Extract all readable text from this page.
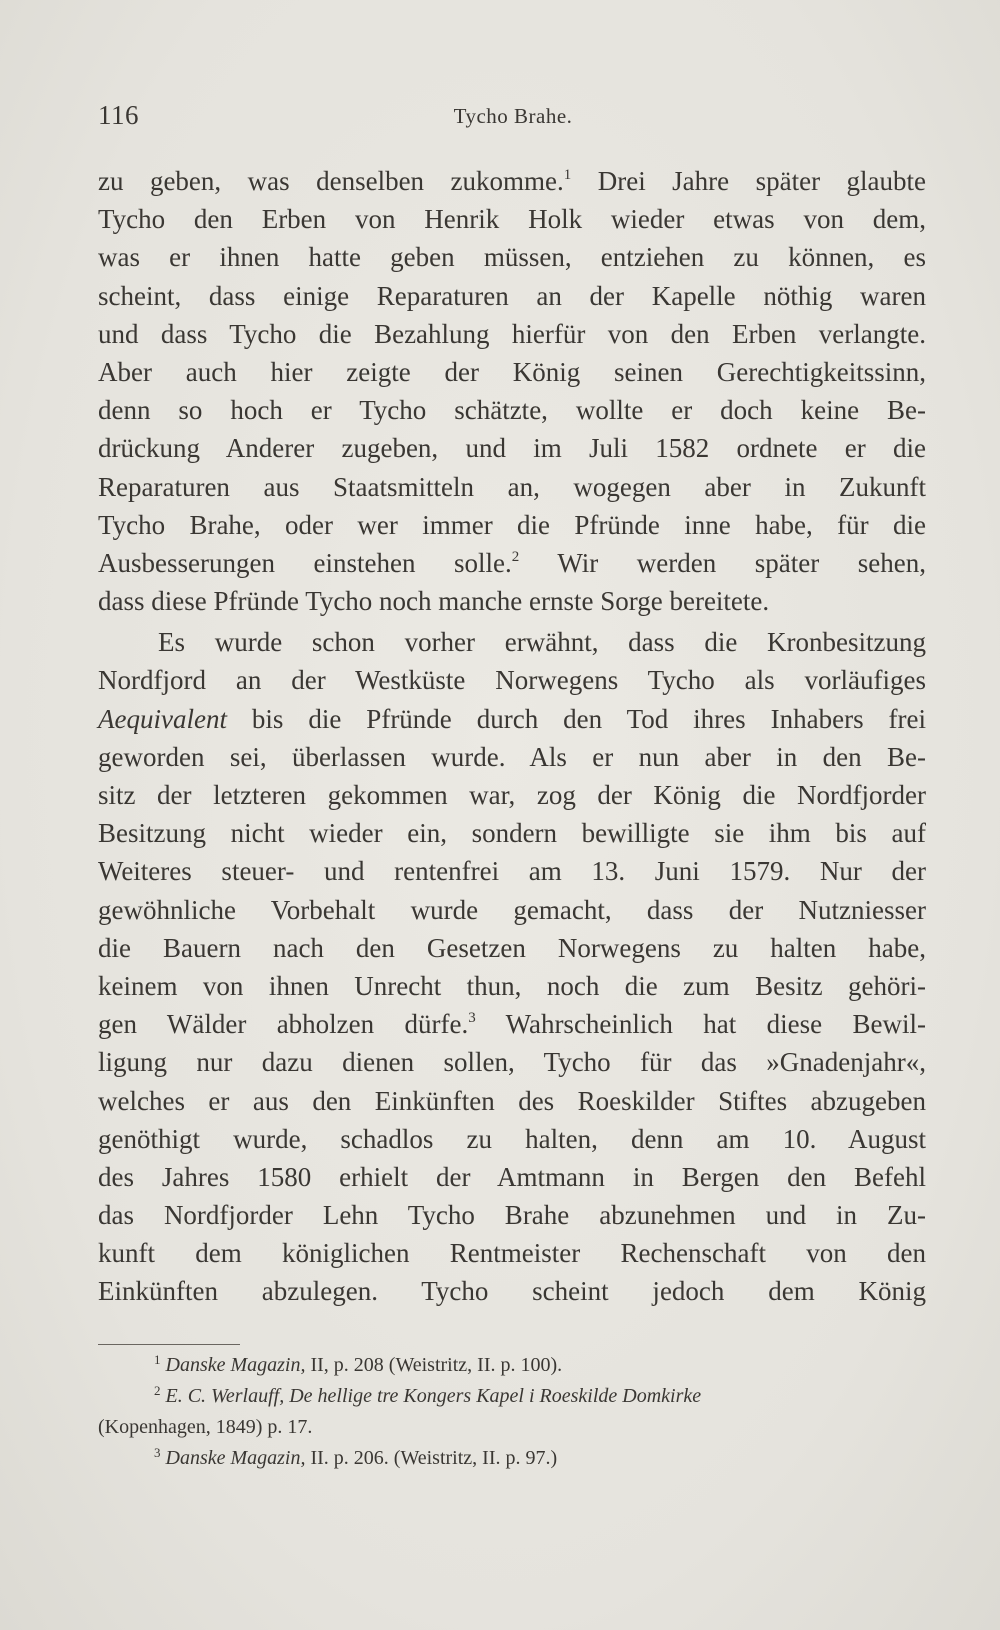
116	Tycho Brahe.
zu geben, was denselben zukomme.$^1$ Drei Jahre später glaubte
Tycho den Erben von Henrik Holk wieder etwas von dem,
was er ihnen hatte geben müssen, entziehen zu können, es
scheint, dass einige Reparaturen an der Kapelle nöthig waren
und dass Tycho die Bezahlung hierfür von den Erben verlangte.
Aber auch hier zeigte der König seinen Gerechtigkeitssinn,
denn so hoch er Tycho schätzte, wollte er doch keine Be-
drückung Anderer zugeben, und im Juli 1582 ordnete er die
Reparaturen aus Staatsmitteln an, wogegen aber in Zukunft
Tycho Brahe, oder wer immer die Pfründe inne habe, für die
Ausbesserungen einstehen solle.$^2$ Wir werden später sehen,
dass diese Pfründe Tycho noch manche ernste Sorge bereitete.
Es wurde schon vorher erwähnt, dass die Kronbesitzung
Nordfjord an der Westküste Norwegens Tycho als vorläufiges
Aequivalent bis die Pfründe durch den Tod ihres Inhabers frei
geworden sei, überlassen wurde. Als er nun aber in den Be-
sitz der letzteren gekommen war, zog der König die Nordfjorder
Besitzung nicht wieder ein, sondern bewilligte sie ihm bis auf
Weiteres steuer- und rentenfrei am 13. Juni 1579. Nur der
gewöhnliche Vorbehalt wurde gemacht, dass der Nutzniesser
die Bauern nach den Gesetzen Norwegens zu halten habe,
keinem von ihnen Unrecht thun, noch die zum Besitz gehöri-
gen Wälder abholzen dürfe.$^3$ Wahrscheinlich hat diese Bewil-
ligung nur dazu dienen sollen, Tycho für das »Gnadenjahr«,
welches er aus den Einkünften des Roeskilder Stiftes abzugeben
genöthigt wurde, schadlos zu halten, denn am 10. August
des Jahres 1580 erhielt der Amtmann in Bergen den Befehl
das Nordfjorder Lehn Tycho Brahe abzunehmen und in Zu-
kunft dem königlichen Rentmeister Rechenschaft von den
Einkünften abzulegen. Tycho scheint jedoch dem König
$^1$ Danske Magazin, II, p. 208 (Weistritz, II. p. 100).
$^2$ E. C. Werlauff, De hellige tre Kongers Kapel i Roeskilde Domkirke
(Kopenhagen, 1849) p. 17.
$^3$ Danske Magazin, II. p. 206. (Weistritz, II. p. 97.)
